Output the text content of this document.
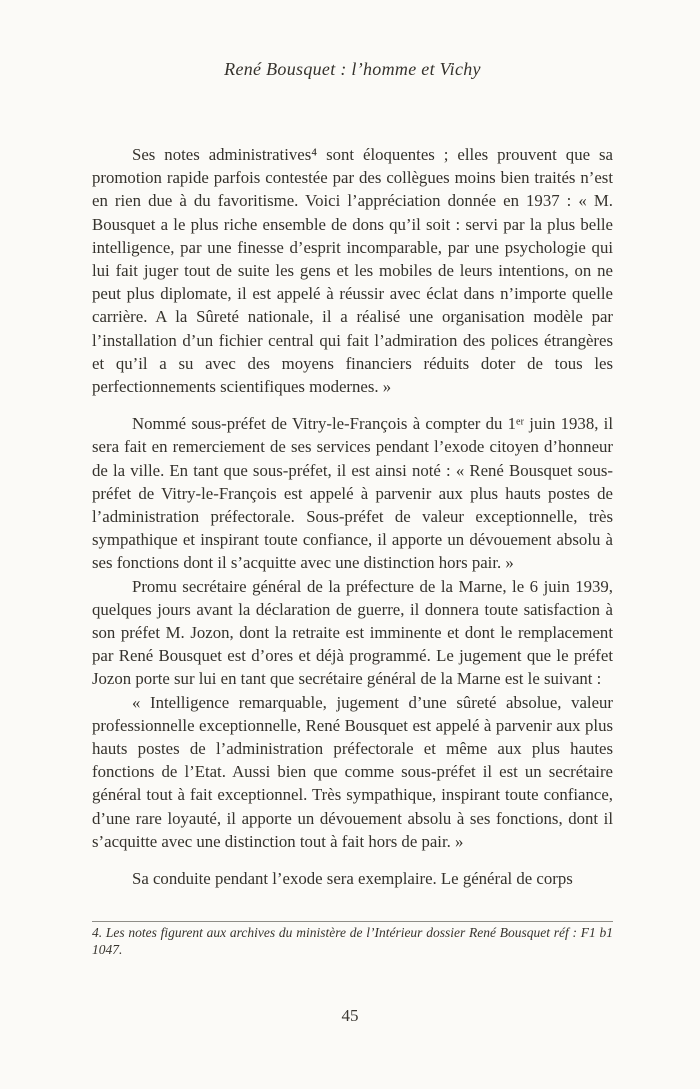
René Bousquet : l’homme et Vichy

Ses notes administratives⁴ sont éloquentes ; elles prouvent que sa promotion rapide parfois contestée par des collègues moins bien traités n’est en rien due à du favoritisme. Voici l’appréciation donnée en 1937 : « M. Bousquet a le plus riche ensemble de dons qu’il soit : servi par la plus belle intelligence, par une finesse d’esprit incomparable, par une psychologie qui lui fait juger tout de suite les gens et les mobiles de leurs intentions, on ne peut plus diplomate, il est appelé à réussir avec éclat dans n’importe quelle carrière. A la Sûreté nationale, il a réalisé une organisation modèle par l’installation d’un fichier central qui fait l’admiration des polices étrangères et qu’il a su avec des moyens financiers réduits doter de tous les perfectionnements scientifiques modernes. »

Nommé sous-préfet de Vitry-le-François à compter du 1ᵉʳ juin 1938, il sera fait en remerciement de ses services pendant l’exode citoyen d’honneur de la ville. En tant que sous-préfet, il est ainsi noté : « René Bousquet sous-préfet de Vitry-le-François est appelé à parvenir aux plus hauts postes de l’administration préfectorale. Sous-préfet de valeur exceptionnelle, très sympathique et inspirant toute confiance, il apporte un dévouement absolu à ses fonctions dont il s’acquitte avec une distinction hors pair. »

Promu secrétaire général de la préfecture de la Marne, le 6 juin 1939, quelques jours avant la déclaration de guerre, il donnera toute satisfaction à son préfet M. Jozon, dont la retraite est imminente et dont le remplacement par René Bousquet est d’ores et déjà programmé. Le jugement que le préfet Jozon porte sur lui en tant que secrétaire général de la Marne est le suivant :

« Intelligence remarquable, jugement d’une sûreté absolue, valeur professionnelle exceptionnelle, René Bousquet est appelé à parvenir aux plus hauts postes de l’administration préfectorale et même aux plus hautes fonctions de l’Etat. Aussi bien que comme sous-préfet il est un secrétaire général tout à fait exceptionnel. Très sympathique, inspirant toute confiance, d’une rare loyauté, il apporte un dévouement absolu à ses fonctions, dont il s’acquitte avec une distinction tout à fait hors de pair. »

Sa conduite pendant l’exode sera exemplaire. Le général de corps

4. Les notes figurent aux archives du ministère de l’Intérieur dossier René Bousquet réf : F1 b1 1047.
45
